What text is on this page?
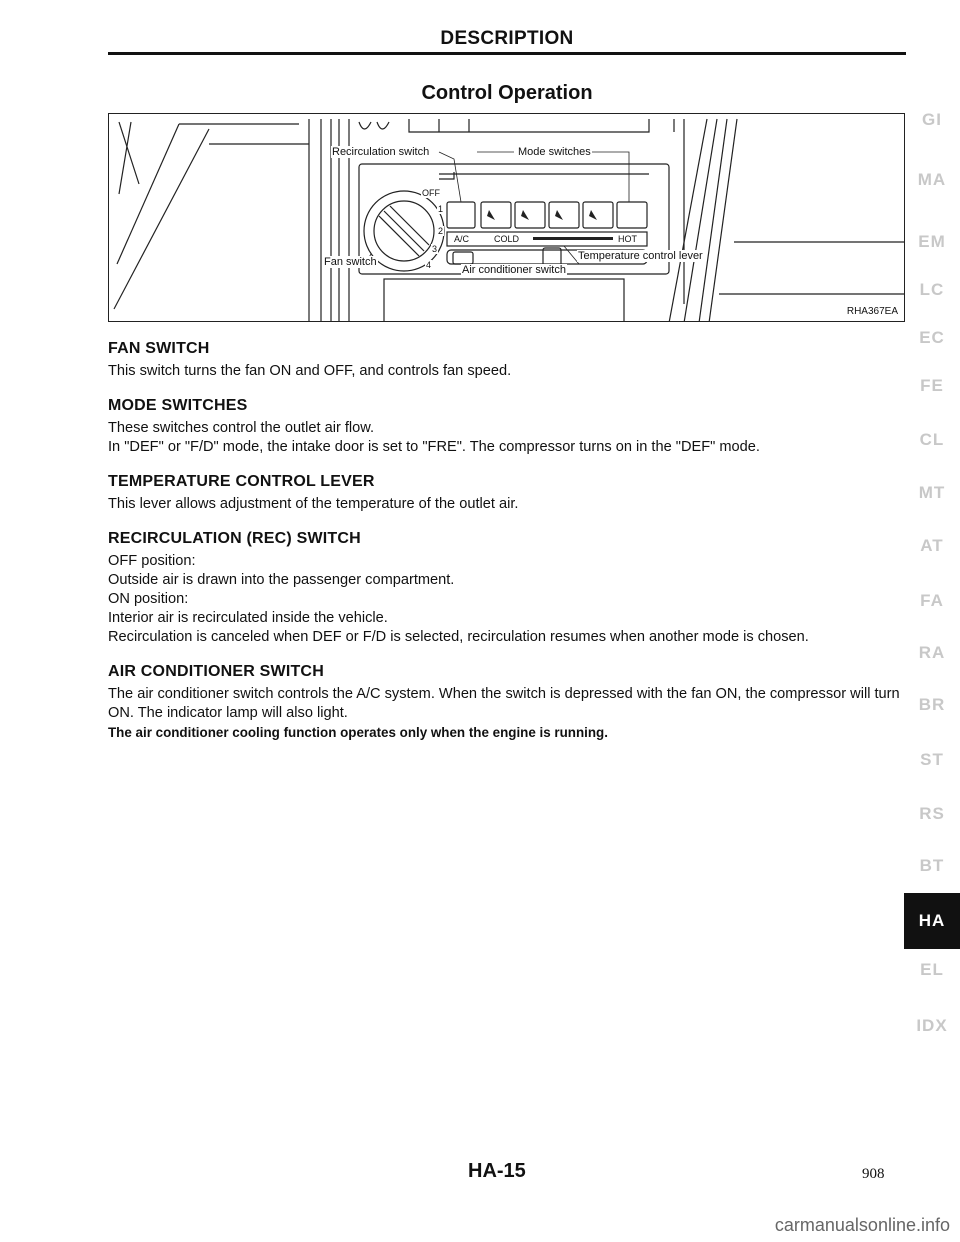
DESCRIPTION
Control Operation
Recirculation switch	Mode switches
OFF
1
2
3
4
A/C	COLD	HOT
Fan switch	Temperature control lever
Air conditioner switch
RHA367EA
FAN SWITCH

This switch turns the fan ON and OFF, and controls fan speed.

MODE SWITCHES

These switches control the outlet air flow.

In "DEF" or "F/D" mode, the intake door is set to "FRE". The compressor turns on in the "DEF" mode.

TEMPERATURE CONTROL LEVER

This lever allows adjustment of the temperature of the outlet air.

RECIRCULATION (REC) SWITCH

OFF position:

Outside air is drawn into the passenger compartment.

ON position:

Interior air is recirculated inside the vehicle.

Recirculation is canceled when DEF or F/D is selected, recirculation resumes when another mode is chosen.

AIR CONDITIONER SWITCH

The air conditioner switch controls the A/C system. When the switch is depressed with the fan ON, the compressor will turn ON. The indicator lamp will also light.

The air conditioner cooling function operates only when the engine is running.

GI
MA
EM
LC
EC
FE
CL
MT
AT
FA
RA
BR
ST
RS
BT
HA
EL
IDX
HA-15	908
carmanualsonline.info
